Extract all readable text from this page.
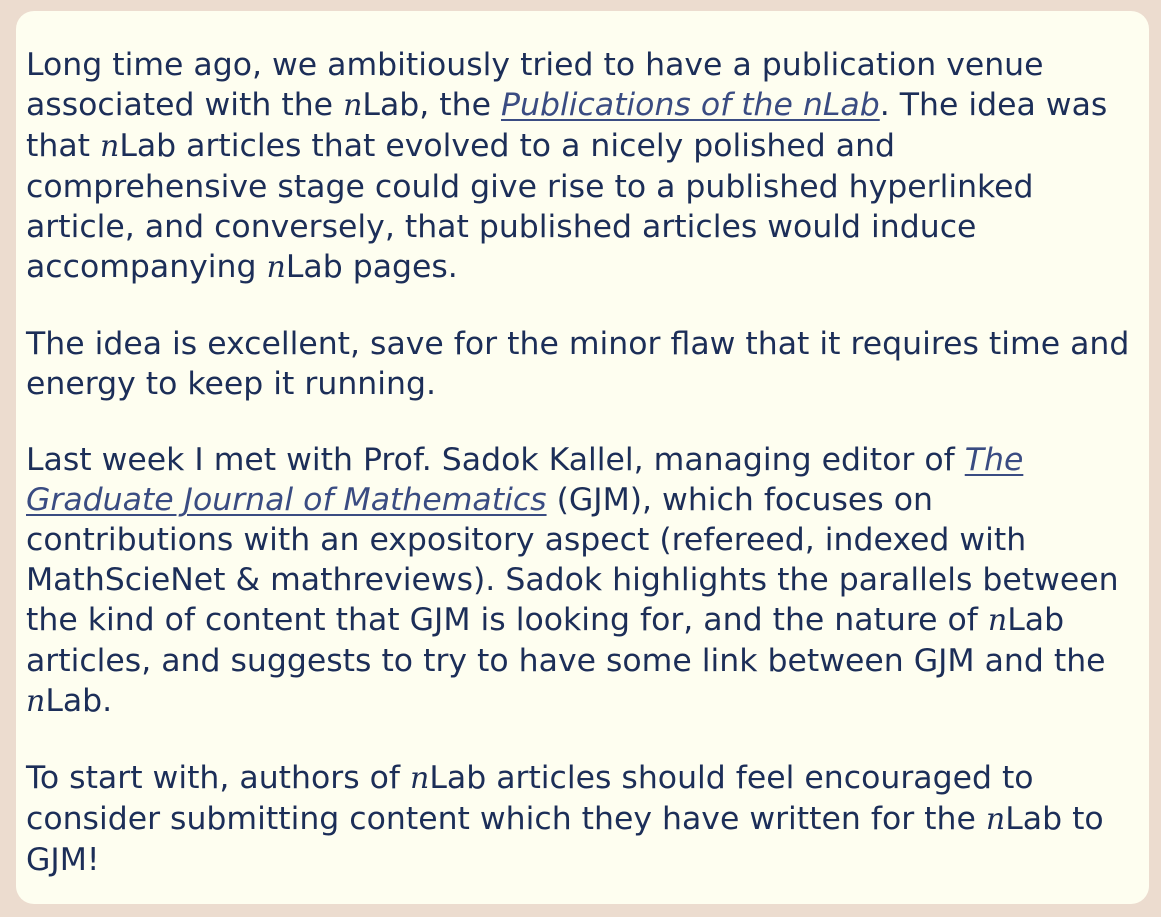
Long time ago, we ambitiously tried to have a publication venue associated with the nLab, the Publications of the nLab. The idea was that nLab articles that evolved to a nicely polished and comprehensive stage could give rise to a published hyperlinked article, and conversely, that published articles would induce accompanying nLab pages.

The idea is excellent, save for the minor flaw that it requires time and energy to keep it running.

Last week I met with Prof. Sadok Kallel, managing editor of The Graduate Journal of Mathematics (GJM), which focuses on contributions with an expository aspect (refereed, indexed with MathScieNet & mathreviews). Sadok highlights the parallels between the kind of content that GJM is looking for, and the nature of nLab articles, and suggests to try to have some link between GJM and the nLab.

To start with, authors of nLab articles should feel encouraged to consider submitting content which they have written for the nLab to GJM!
